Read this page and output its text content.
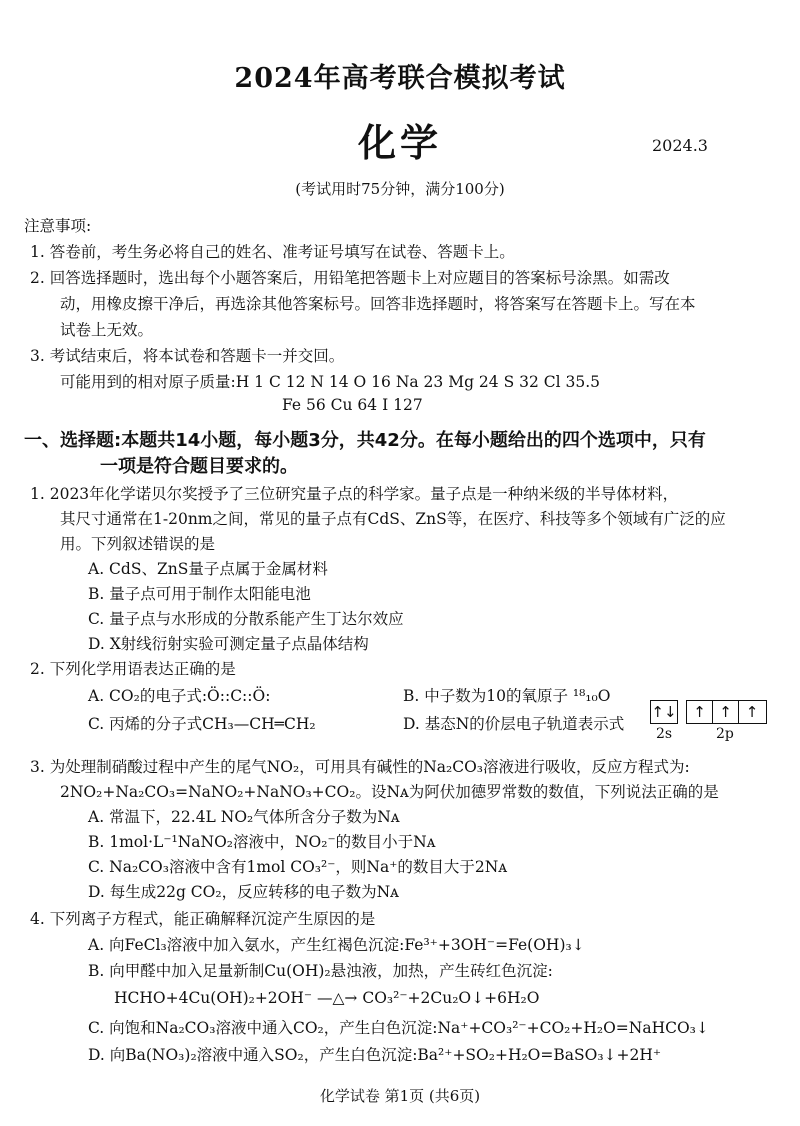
2024年高考联合模拟考试
化学	2024.3
(考试用时75分钟，满分100分)
注意事项:
1. 答卷前，考生务必将自己的姓名、准考证号填写在试卷、答题卡上。
2. 回答选择题时，选出每个小题答案后，用铅笔把答题卡上对应题目的答案标号涂黑。如需改
动，用橡皮擦干净后，再选涂其他答案标号。回答非选择题时，将答案写在答题卡上。写在本
试卷上无效。
3. 考试结束后，将本试卷和答题卡一并交回。
可能用到的相对原子质量:H 1 C 12 N 14 O 16 Na 23 Mg 24 S 32 Cl 35.5
Fe 56 Cu 64 I 127
一、选择题:本题共14小题，每小题3分，共42分。在每小题给出的四个选项中，只有
一项是符合题目要求的。
1. 2023年化学诺贝尔奖授予了三位研究量子点的科学家。量子点是一种纳米级的半导体材料，
其尺寸通常在1-20nm之间，常见的量子点有CdS、ZnS等，在医疗、科技等多个领域有广泛的应
用。下列叙述错误的是
A. CdS、ZnS量子点属于金属材料
B. 量子点可用于制作太阳能电池
C. 量子点与水形成的分散系能产生丁达尔效应
D. X射线衍射实验可测定量子点晶体结构
2. 下列化学用语表达正确的是
A. CO₂的电子式:Ö::C::Ö:	B. 中子数为10的氧原子 ¹⁸₁₀O
C. 丙烯的分子式CH₃—CH═CH₂	D. 基态N的价层电子轨道表示式
↑↓	↑ ↑ ↑
2s	2p
3. 为处理制硝酸过程中产生的尾气NO₂，可用具有碱性的Na₂CO₃溶液进行吸收，反应方程式为:
2NO₂+Na₂CO₃=NaNO₂+NaNO₃+CO₂。设Nᴀ为阿伏加德罗常数的数值，下列说法正确的是
A. 常温下，22.4L NO₂气体所含分子数为Nᴀ
B. 1mol·L⁻¹NaNO₂溶液中，NO₂⁻的数目小于Nᴀ
C. Na₂CO₃溶液中含有1mol CO₃²⁻，则Na⁺的数目大于2Nᴀ
D. 每生成22g CO₂，反应转移的电子数为Nᴀ
4. 下列离子方程式，能正确解释沉淀产生原因的是
A. 向FeCl₃溶液中加入氨水，产生红褐色沉淀:Fe³⁺+3OH⁻=Fe(OH)₃↓
B. 向甲醛中加入足量新制Cu(OH)₂悬浊液，加热，产生砖红色沉淀:
HCHO+4Cu(OH)₂+2OH⁻ —△→ CO₃²⁻+2Cu₂O↓+6H₂O
C. 向饱和Na₂CO₃溶液中通入CO₂，产生白色沉淀:Na⁺+CO₃²⁻+CO₂+H₂O=NaHCO₃↓
D. 向Ba(NO₃)₂溶液中通入SO₂，产生白色沉淀:Ba²⁺+SO₂+H₂O=BaSO₃↓+2H⁺
化学试卷 第1页 (共6页)
